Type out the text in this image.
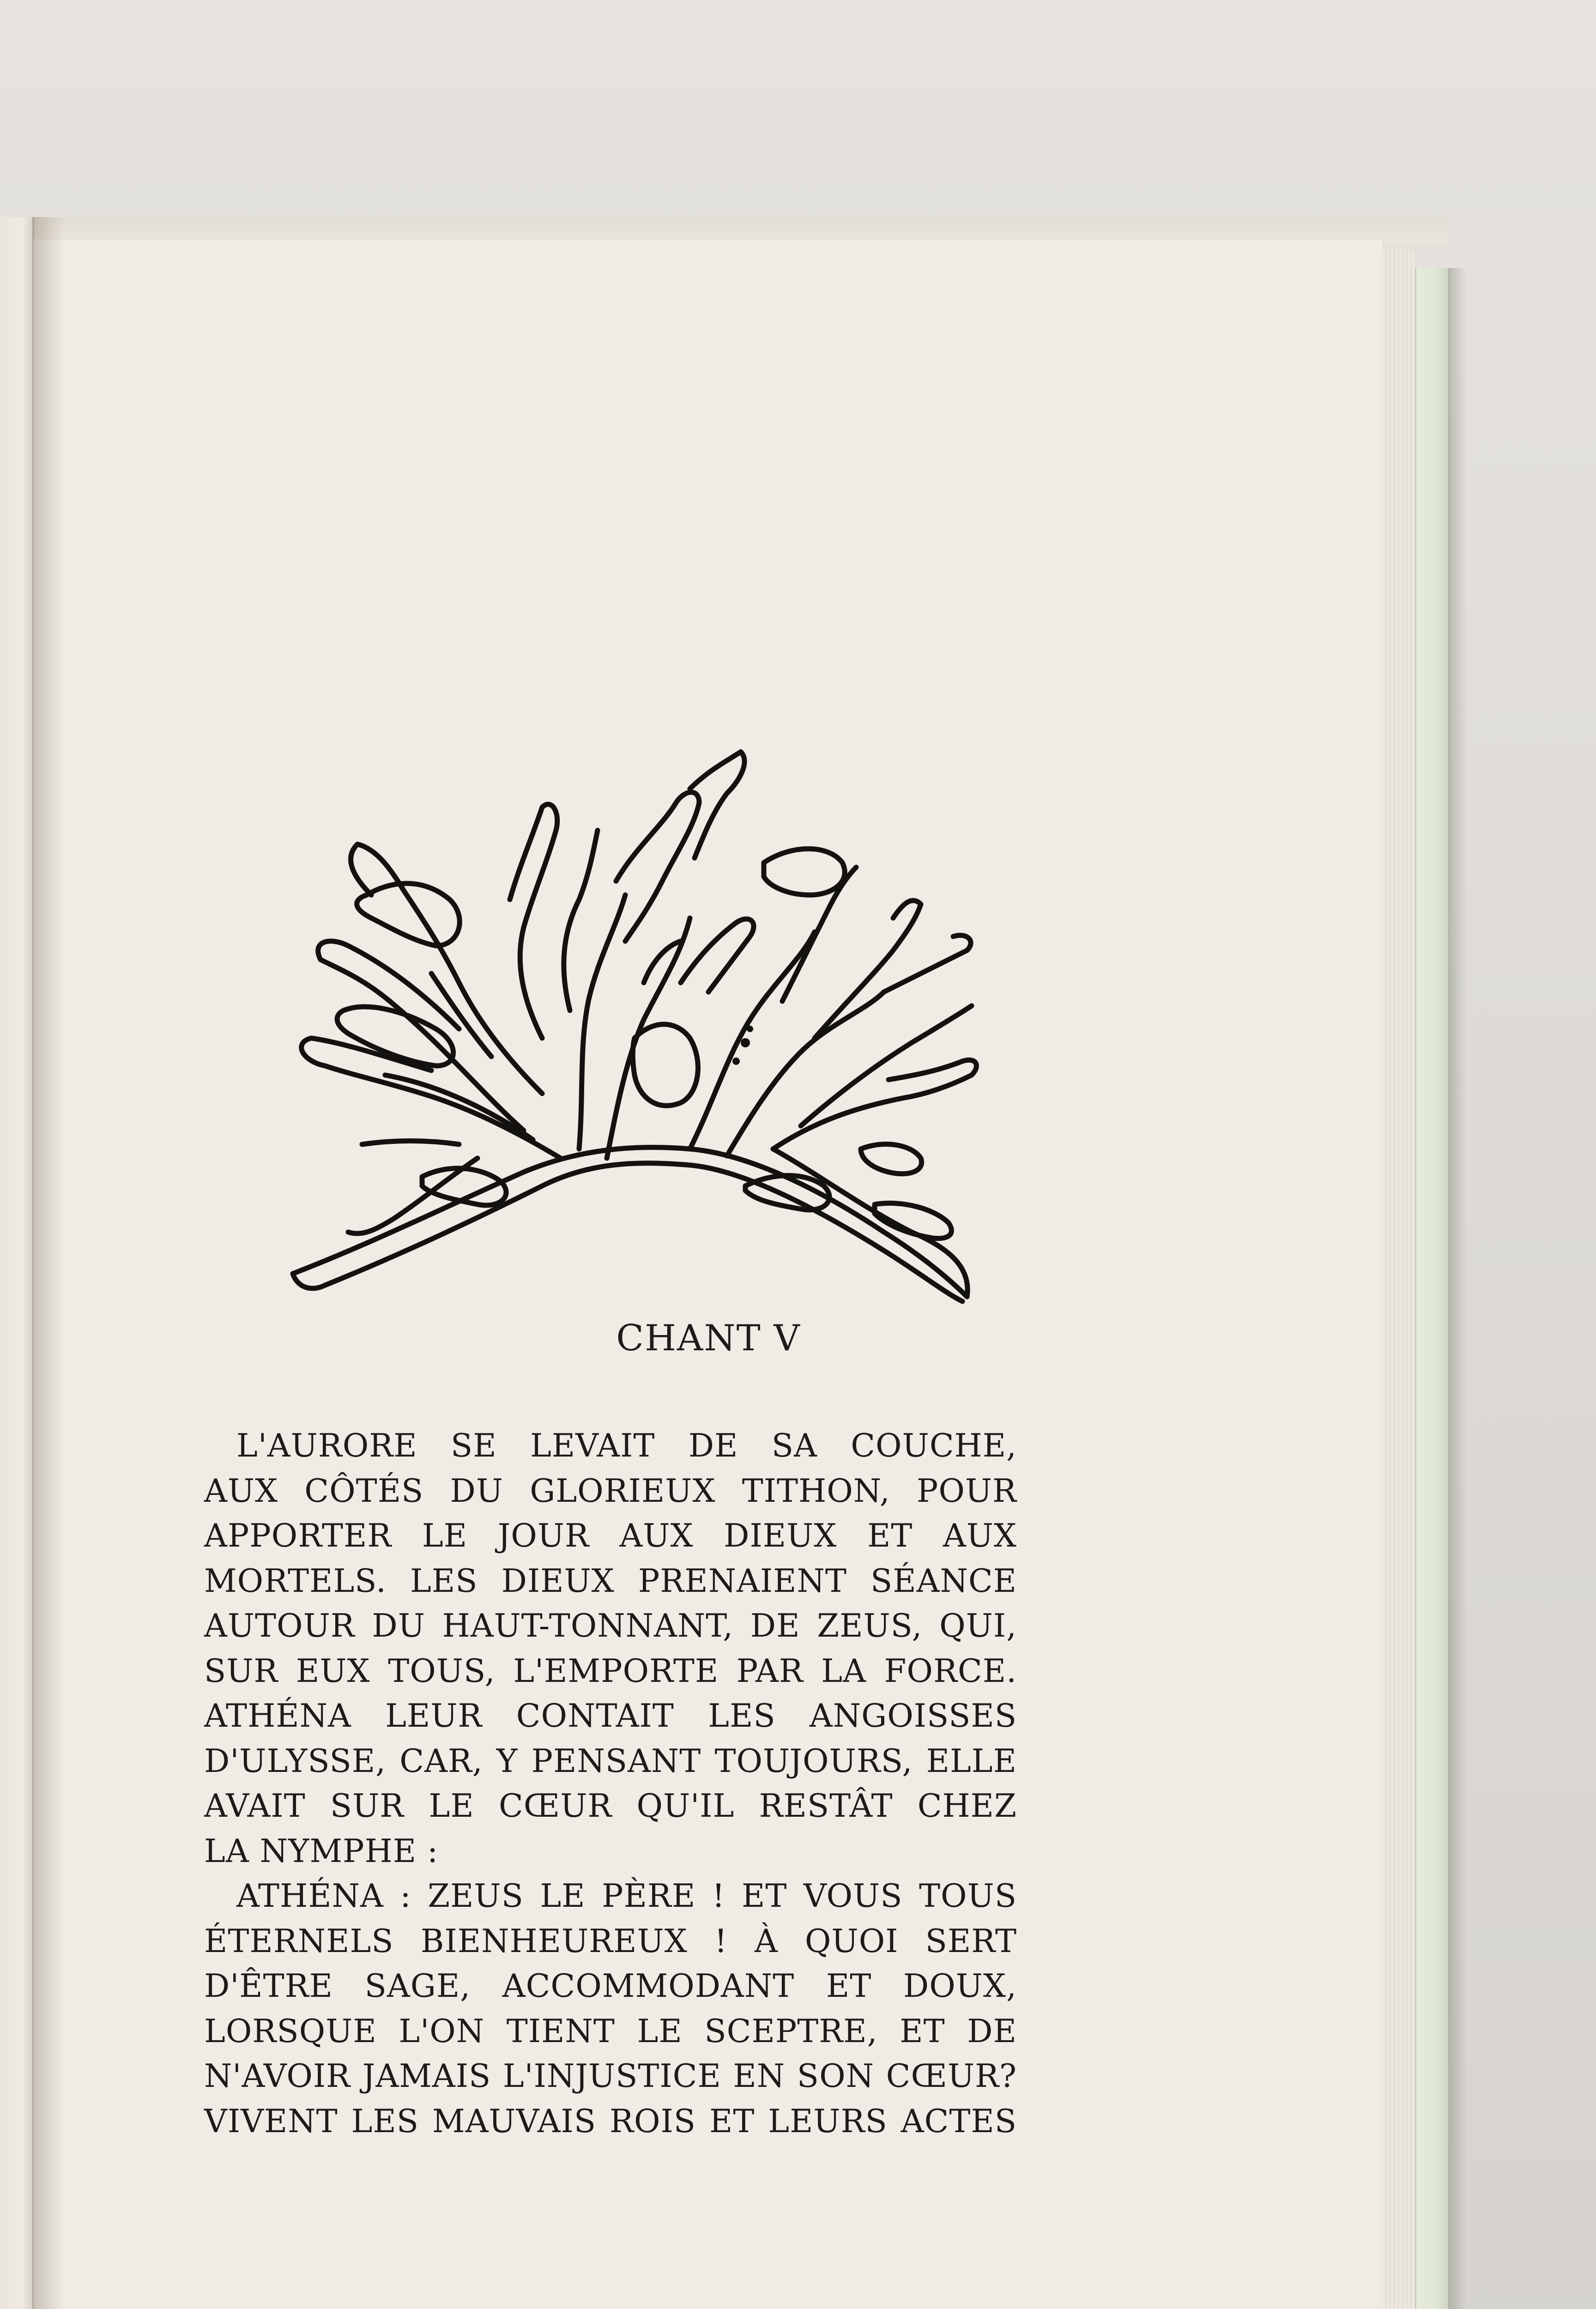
CHANT V
L'AURORE SE LEVAIT DE SA COUCHE,
AUX CÔTÉS DU GLORIEUX TITHON, POUR
APPORTER LE JOUR AUX DIEUX ET AUX
MORTELS. LES DIEUX PRENAIENT SÉANCE
AUTOUR DU HAUT-TONNANT, DE ZEUS, QUI,
SUR EUX TOUS, L'EMPORTE PAR LA FORCE.
ATHÉNA LEUR CONTAIT LES ANGOISSES
D'ULYSSE, CAR, Y PENSANT TOUJOURS, ELLE
AVAIT SUR LE CŒUR QU'IL RESTÂT CHEZ
LA NYMPHE :
ATHÉNA : ZEUS LE PÈRE ! ET VOUS TOUS
ÉTERNELS BIENHEUREUX ! À QUOI SERT
D'ÊTRE SAGE, ACCOMMODANT ET DOUX,
LORSQUE L'ON TIENT LE SCEPTRE, ET DE
N'AVOIR JAMAIS L'INJUSTICE EN SON CŒUR?
VIVENT LES MAUVAIS ROIS ET LEURS ACTES
